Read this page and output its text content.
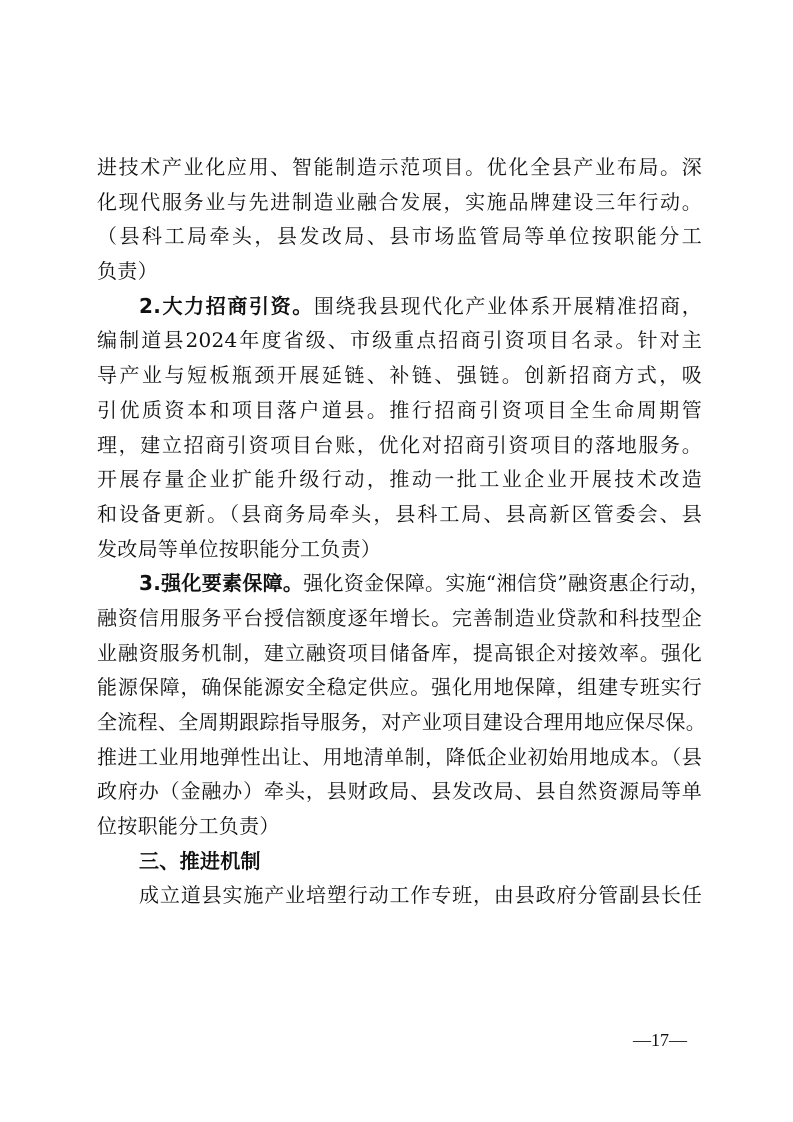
进技术产业化应用、智能制造示范项目。优化全县产业布局。深
化现代服务业与先进制造业融合发展，实施品牌建设三年行动。
（县科工局牵头，县发改局、县市场监管局等单位按职能分工
负责）
2.大力招商引资。围绕我县现代化产业体系开展精准招商，
编制道县2024年度省级、市级重点招商引资项目名录。针对主
导产业与短板瓶颈开展延链、补链、强链。创新招商方式，吸
引优质资本和项目落户道县。推行招商引资项目全生命周期管
理，建立招商引资项目台账，优化对招商引资项目的落地服务。
开展存量企业扩能升级行动，推动一批工业企业开展技术改造
和设备更新。（县商务局牵头，县科工局、县高新区管委会、县
发改局等单位按职能分工负责）
3.强化要素保障。强化资金保障。实施“湘信贷”融资惠企行动，
融资信用服务平台授信额度逐年增长。完善制造业贷款和科技型企
业融资服务机制，建立融资项目储备库，提高银企对接效率。强化
能源保障，确保能源安全稳定供应。强化用地保障，组建专班实行
全流程、全周期跟踪指导服务，对产业项目建设合理用地应保尽保。
推进工业用地弹性出让、用地清单制，降低企业初始用地成本。（县
政府办（金融办）牵头，县财政局、县发改局、县自然资源局等单
位按职能分工负责）
三、推进机制
成立道县实施产业培塑行动工作专班，由县政府分管副县长任
—17—
